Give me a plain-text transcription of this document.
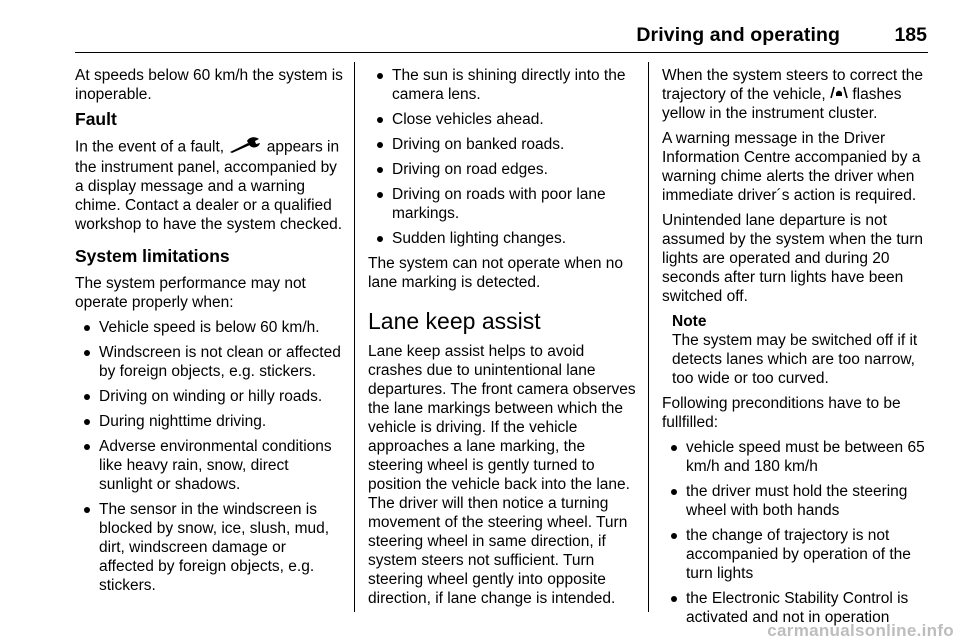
Driving and operating	185

At speeds below 60 km/h the system is inoperable.

Fault

In the event of a fault,	appears in the instrument panel, accompanied by a display message and a warning chime. Contact a dealer or a qualified workshop to have the system checked.

System limitations

The system performance may not operate properly when:

Vehicle speed is below 60 km/h.
Windscreen is not clean or affected by foreign objects, e.g. stickers.
Driving on winding or hilly roads.
During nighttime driving.
Adverse environmental conditions like heavy rain, snow, direct sunlight or shadows.
The sensor in the windscreen is blocked by snow, ice, slush, mud, dirt, windscreen damage or affected by foreign objects, e.g. stickers.
The sun is shining directly into the camera lens.
Close vehicles ahead.
Driving on banked roads.
Driving on road edges.
Driving on roads with poor lane markings.
Sudden lighting changes.

The system can not operate when no lane marking is detected.

Lane keep assist

Lane keep assist helps to avoid crashes due to unintentional lane departures. The front camera observes the lane markings between which the vehicle is driving. If the vehicle approaches a lane marking, the steering wheel is gently turned to position the vehicle back into the lane. The driver will then notice a turning movement of the steering wheel. Turn steering wheel in same direction, if system steers not sufficient. Turn steering wheel gently into opposite direction, if lane change is intended.

When the system steers to correct the trajectory of the vehicle, flashes yellow in the instrument cluster.

A warning message in the Driver Information Centre accompanied by a warning chime alerts the driver when immediate driver´s action is required.

Unintended lane departure is not assumed by the system when the turn lights are operated and during 20 seconds after turn lights have been switched off.

Note
The system may be switched off if it detects lanes which are too narrow, too wide or too curved.

Following preconditions have to be fullfilled:

vehicle speed must be between 65 km/h and 180 km/h
the driver must hold the steering wheel with both hands
the change of trajectory is not accompanied by operation of the turn lights
the Electronic Stability Control is activated and not in operation
carmanualsonline.info
